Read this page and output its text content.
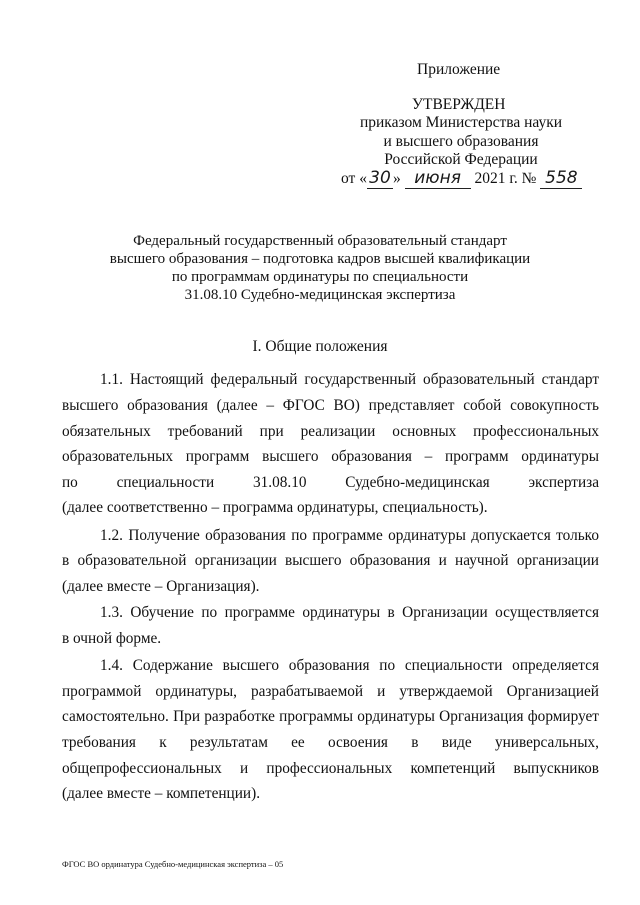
Приложение
УТВЕРЖДЕН
приказом Министерства науки
и высшего образования
Российской Федерации
от « 30 » июня 2021 г. № 558
Федеральный государственный образовательный стандарт
высшего образования – подготовка кадров высшей квалификации
по программам ординатуры по специальности
31.08.10 Судебно-медицинская экспертиза
I. Общие положения
1.1. Настоящий федеральный государственный образовательный стандарт
высшего образования (далее – ФГОС ВО) представляет собой совокупность
обязательных требований при реализации основных профессиональных
образовательных программ высшего образования – программ ординатуры
по специальности 31.08.10 Судебно-медицинская экспертиза
(далее соответственно – программа ординатуры, специальность).
1.2. Получение образования по программе ординатуры допускается только
в образовательной организации высшего образования и научной организации
(далее вместе – Организация).
1.3. Обучение по программе ординатуры в Организации осуществляется
в очной форме.
1.4. Содержание высшего образования по специальности определяется
программой ординатуры, разрабатываемой и утверждаемой Организацией
самостоятельно. При разработке программы ординатуры Организация формирует
требования к результатам ее освоения в виде универсальных,
общепрофессиональных и профессиональных компетенций выпускников
(далее вместе – компетенции).
ФГОС ВО ординатура Судебно-медицинская экспертиза – 05
